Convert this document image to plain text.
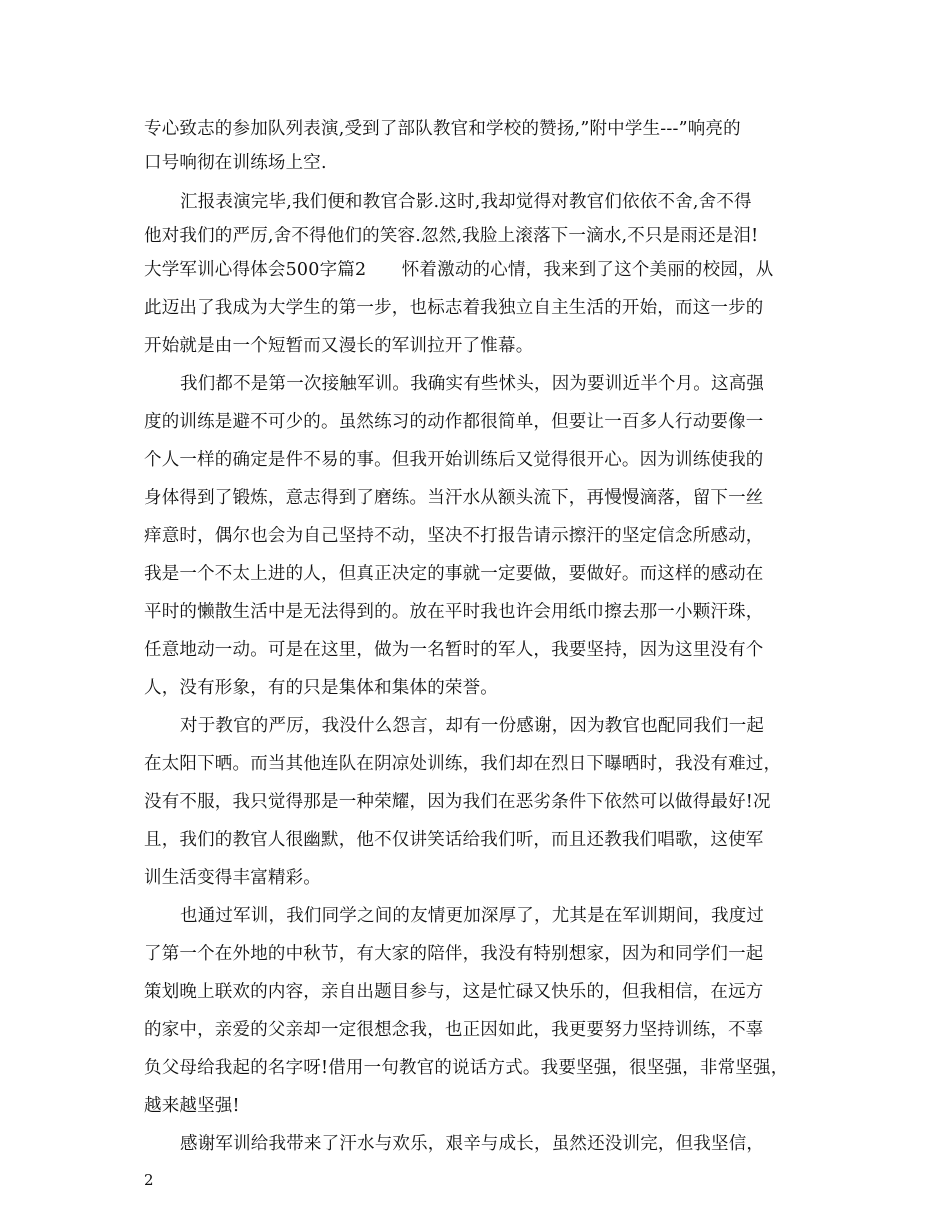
专心致志的参加队列表演,受到了部队教官和学校的赞扬,”附中学生---”响亮的
口号响彻在训练场上空.
汇报表演完毕,我们便和教官合影.这时,我却觉得对教官们依依不舍,舍不得
他对我们的严厉,舍不得他们的笑容.忽然,我脸上滚落下一滴水,不只是雨还是泪!
大学军训心得体会500字篇2　　怀着激动的心情，我来到了这个美丽的校园，从
此迈出了我成为大学生的第一步，也标志着我独立自主生活的开始，而这一步的
开始就是由一个短暂而又漫长的军训拉开了惟幕。
我们都不是第一次接触军训。我确实有些怵头，因为要训近半个月。这高强
度的训练是避不可少的。虽然练习的动作都很简单，但要让一百多人行动要像一
个人一样的确定是件不易的事。但我开始训练后又觉得很开心。因为训练使我的
身体得到了锻炼，意志得到了磨练。当汗水从额头流下，再慢慢滴落，留下一丝
痒意时，偶尔也会为自己坚持不动，坚决不打报告请示擦汗的坚定信念所感动，
我是一个不太上进的人，但真正决定的事就一定要做，要做好。而这样的感动在
平时的懒散生活中是无法得到的。放在平时我也许会用纸巾擦去那一小颗汗珠，
任意地动一动。可是在这里，做为一名暂时的军人，我要坚持，因为这里没有个
人，没有形象，有的只是集体和集体的荣誉。
对于教官的严厉，我没什么怨言，却有一份感谢，因为教官也配同我们一起
在太阳下晒。而当其他连队在阴凉处训练，我们却在烈日下曝晒时，我没有难过，
没有不服，我只觉得那是一种荣耀，因为我们在恶劣条件下依然可以做得最好!况
且，我们的教官人很幽默，他不仅讲笑话给我们听，而且还教我们唱歌，这使军
训生活变得丰富精彩。
也通过军训，我们同学之间的友情更加深厚了，尤其是在军训期间，我度过
了第一个在外地的中秋节，有大家的陪伴，我没有特别想家，因为和同学们一起
策划晚上联欢的内容，亲自出题目参与，这是忙碌又快乐的，但我相信，在远方
的家中，亲爱的父亲却一定很想念我，也正因如此，我更要努力坚持训练，不辜
负父母给我起的名字呀!借用一句教官的说话方式。我要坚强，很坚强，非常坚强，
越来越坚强!
感谢军训给我带来了汗水与欢乐，艰辛与成长，虽然还没训完，但我坚信，
2
